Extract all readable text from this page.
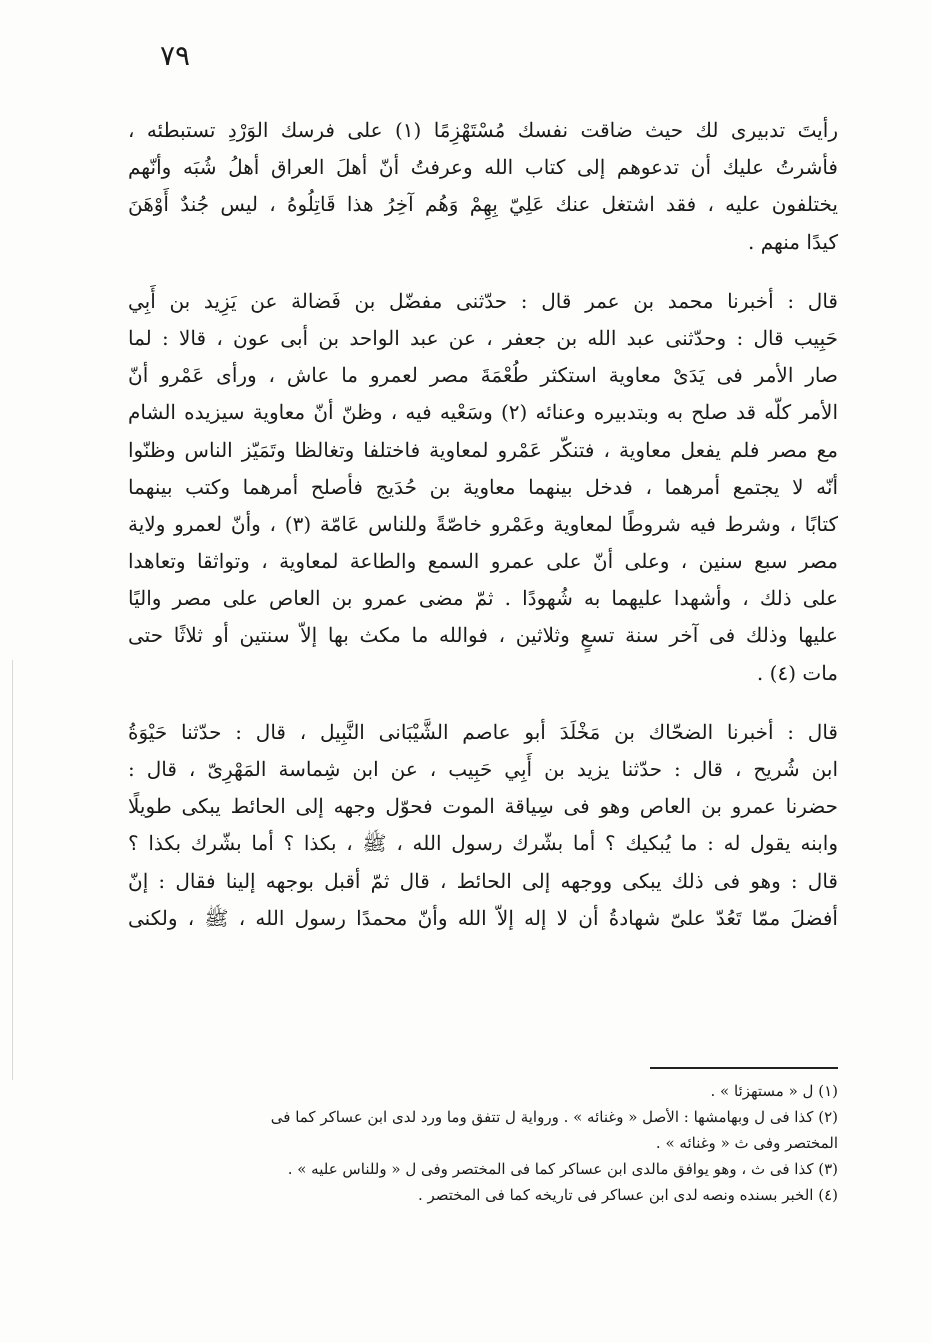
٧٩
رأيتَ تدبيرى لك حيث ضاقت نفسك مُسْتَهْزِمًا (١) على فرسك الوَرْدِ تستبطئه ،
فأشرتُ عليك أن تدعوهم إلى كتاب الله وعرفتُ أنّ أهلَ العراق أهلُ شُبَه وأنّهم
يختلفون عليه ، فقد اشتغل عنك عَلِيّ بِهِمْ وَهُم آخِرُ هذا قَاتِلُوهُ ، ليس جُندٌ أَوْهَنَ
كيدًا منهم .
قال : أخبرنا محمد بن عمر قال : حدّثنى مفضّل بن فَضالة عن يَزِيد بن أَبِي
حَبِيب قال : وحدّثنى عبد الله بن جعفر ، عن عبد الواحد بن أبى عون ، قالا : لما
صار الأمر فى يَدَىْ معاوية استكثر طُعْمَةَ مصر لعمرو ما عاش ، ورأى عَمْرو أنّ
الأمر كلّه قد صلح به وبتدبيره وعنائه (٢) وسَعْيه فيه ، وظنّ أنّ معاوية سيزيده الشام
مع مصر فلم يفعل معاوية ، فتنكّر عَمْرو لمعاوية فاختلفا وتغالظا وتَمَيّز الناس وظنّوا
أنّه لا يجتمع أمرهما ، فدخل بينهما معاوية بن حُدَيج فأصلح أمرهما وكتب بينهما
كتابًا ، وشرط فيه شروطًا لمعاوية وعَمْرو خاصّةً وللناس عَامّة (٣) ، وأنّ لعمرو ولاية
مصر سبع سنين ، وعلى أنّ على عمرو السمع والطاعة لمعاوية ، وتواثقا وتعاهدا
على ذلك ، وأشهدا عليهما به شُهودًا . ثمّ مضى عمرو بن العاص على مصر واليًا
عليها وذلك فى آخر سنة تسعٍ وثلاثين ، فوالله ما مكث بها إلاّ سنتين أو ثلاثًا حتى
مات (٤) .
قال : أخبرنا الضحّاك بن مَخْلَدَ أبو عاصم الشَّيْبَانى النَّبِيل ، قال : حدّثنا حَيْوَةُ
ابن شُريح ، قال : حدّثنا يزيد بن أَبِي حَبِيب ، عن ابن شِماسة المَهْرِىّ ، قال :
حضرنا عمرو بن العاص وهو فى سِياقة الموت فحوّل وجهه إلى الحائط يبكى طويلًا
وابنه يقول له : ما يُبكيك ؟ أما بشّرك رسول الله ، ﷺ ، بكذا ؟ أما بشّرك بكذا ؟
قال : وهو فى ذلك يبكى ووجهه إلى الحائط ، قال ثمّ أقبل بوجهه إلينا فقال : إنّ
أفضلَ ممّا تَعُدّ علىّ شهادةُ أن لا إله إلاّ الله وأنّ محمدًا رسول الله ، ﷺ ، ولكنى
(١) ل « مستهزئا » .
(٢) كذا فى ل وبهامشها : الأصل « وغنائه » . ورواية ل تتفق وما ورد لدى ابن عساكر كما فى
المختصر وفى ث « وغنائه » .
(٣) كذا فى ث ، وهو يوافق مالدى ابن عساكر كما فى المختصر وفى ل « وللناس عليه » .
(٤) الخبر بسنده ونصه لدى ابن عساكر فى تاريخه كما فى المختصر .
